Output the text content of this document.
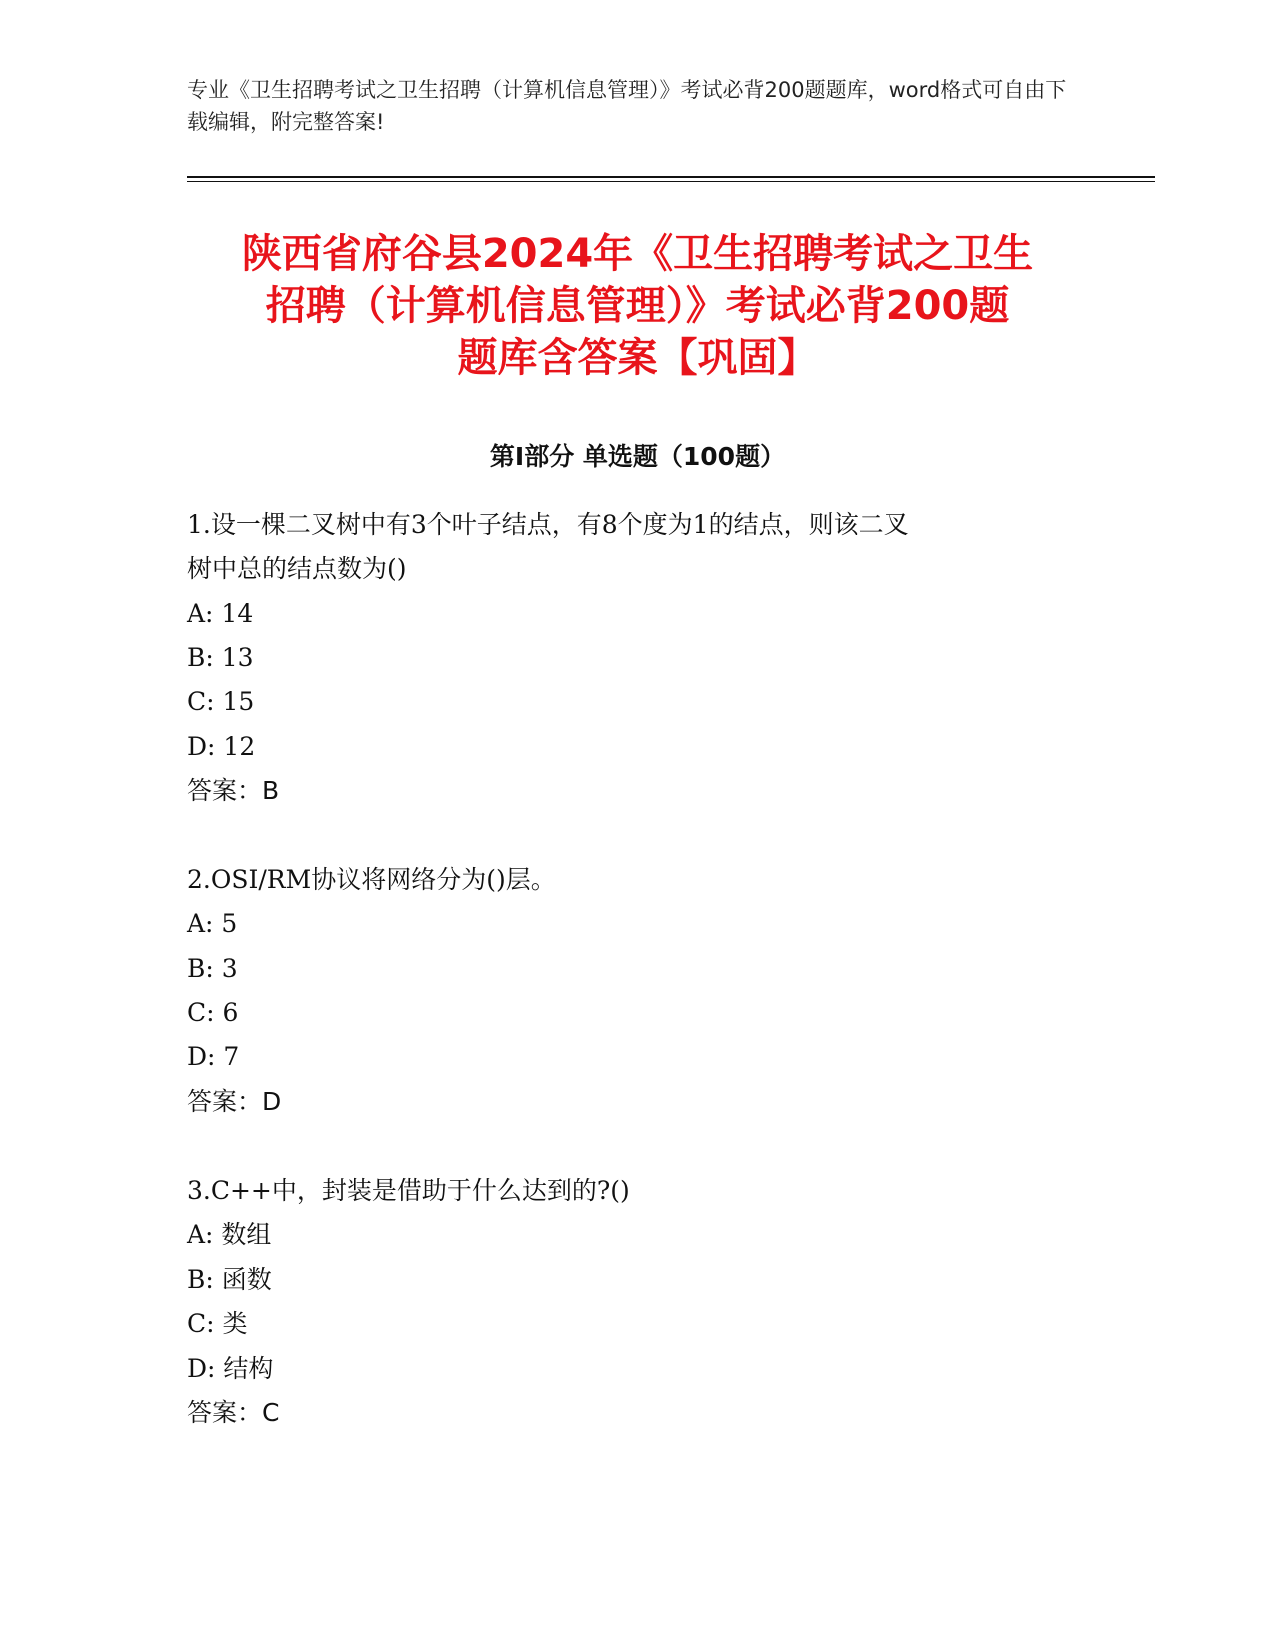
专业《卫生招聘考试之卫生招聘（计算机信息管理）》考试必背200题题库，word格式可自由下载编辑，附完整答案!
陕西省府谷县2024年《卫生招聘考试之卫生
招聘（计算机信息管理）》考试必背200题
题库含答案【巩固】
第I部分 单选题（100题）
1.设一棵二叉树中有3个叶子结点，有8个度为1的结点，则该二叉
树中总的结点数为()
A: 14
B: 13
C: 15
D: 12
答案：B
2.OSI/RM协议将网络分为()层。
A: 5
B: 3
C: 6
D: 7
答案：D
3.C++中，封装是借助于什么达到的?()
A: 数组
B: 函数
C: 类
D: 结构
答案：C
